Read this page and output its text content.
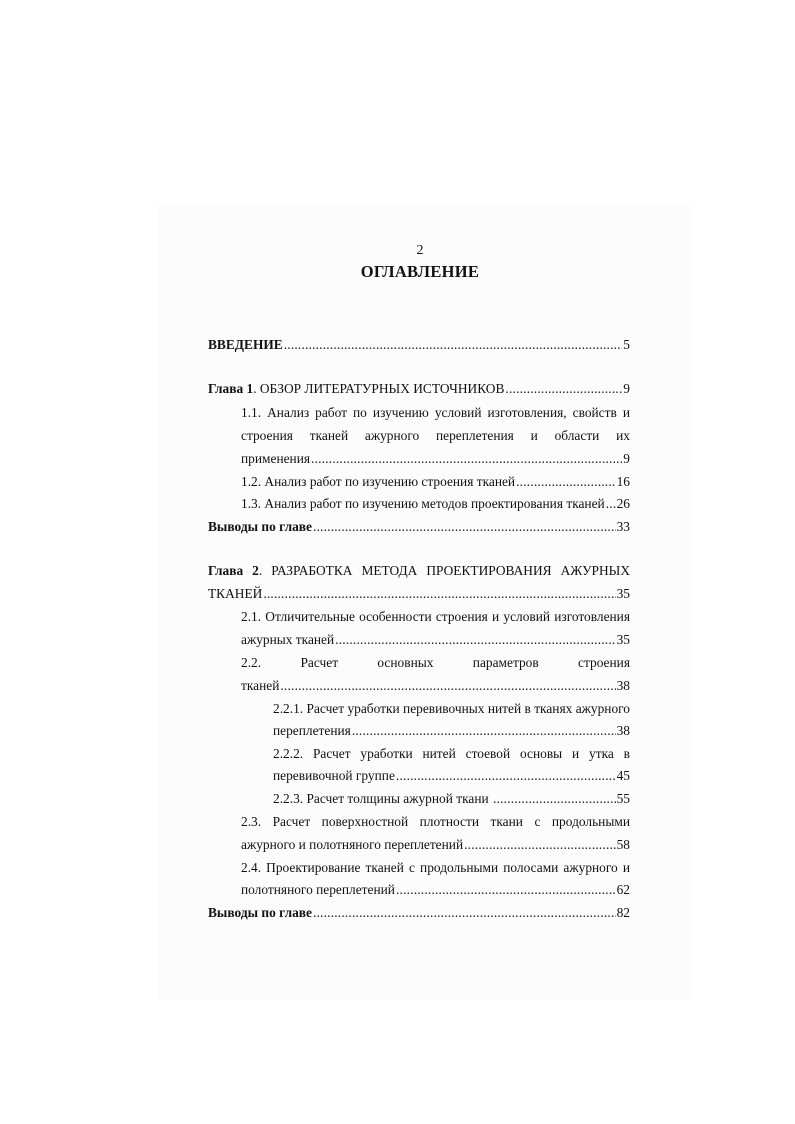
2
ОГЛАВЛЕНИЕ
ВВЕДЕНИЕ .....	5
Глава 1 . ОБЗОР ЛИТЕРАТУРНЫХ ИСТОЧНИКОВ .....	9
1.1. Анализ работ по изучению условий изготовления, свойств и
строения тканей ажурного переплетения и области их
применения .....	9
1.2. Анализ работ по изучению строения тканей .....	16
1.3. Анализ работ по изучению методов проектирования тканей ..... 26
Выводы по главе .....	33
Глава 2. РАЗРАБОТКА МЕТОДА ПРОЕКТИРОВАНИЯ АЖУРНЫХ
ТКАНЕЙ .....	35
2.1. Отличительные особенности строения и условий изготовления
ажурных тканей .....	35
2.2. Расчет основных параметров строения
тканей .....	38
2.2.1. Расчет уработки перевивочных нитей в тканях ажурного
переплетения .....	38
2.2.2. Расчет уработки нитей стоевой основы и утка в
перевивочной группе .....	45
2.2.3. Расчет толщины ажурной ткани .....	55
2.3. Расчет поверхностной плотности ткани с продольными
ажурного и полотняного переплетений .....	58
2.4. Проектирование тканей с продольными полосами ажурного и
полотняного переплетений .....	62
Выводы по главе .....	82
